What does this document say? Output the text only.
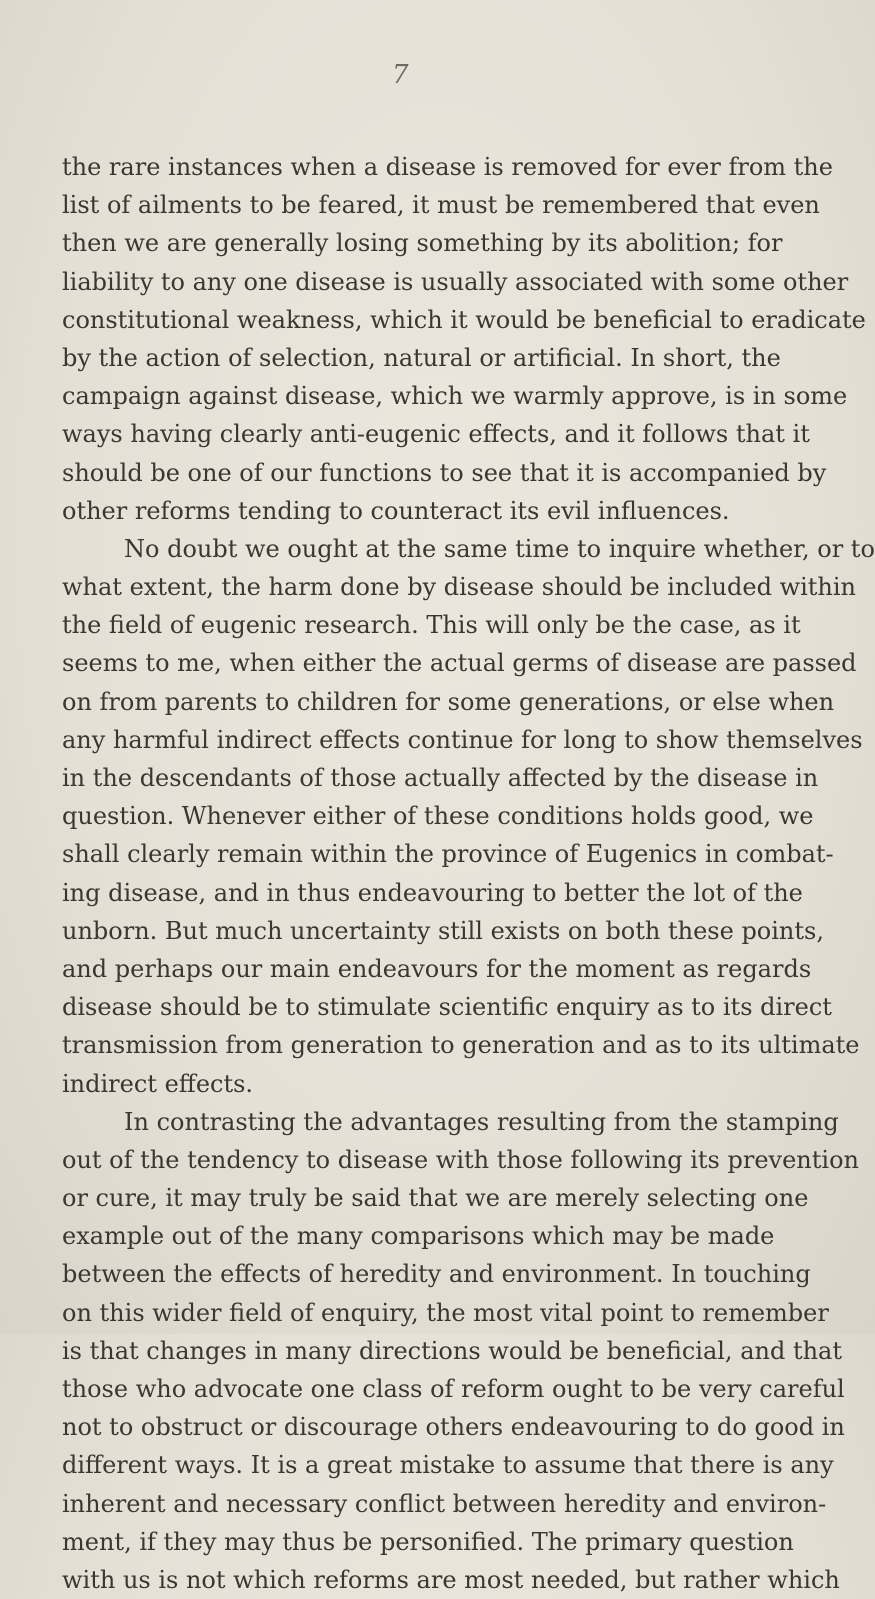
7
the rare instances when a disease is removed for ever from the
list of ailments to be feared, it must be remembered that even
then we are generally losing something by its abolition; for
liability to any one disease is usually associated with some other
constitutional weakness, which it would be beneficial to eradicate
by the action of selection, natural or artificial. In short, the
campaign against disease, which we warmly approve, is in some
ways having clearly anti-eugenic effects, and it follows that it
should be one of our functions to see that it is accompanied by
other reforms tending to counteract its evil influences.
No doubt we ought at the same time to inquire whether, or to
what extent, the harm done by disease should be included within
the field of eugenic research. This will only be the case, as it
seems to me, when either the actual germs of disease are passed
on from parents to children for some generations, or else when
any harmful indirect effects continue for long to show themselves
in the descendants of those actually affected by the disease in
question. Whenever either of these conditions holds good, we
shall clearly remain within the province of Eugenics in combat-
ing disease, and in thus endeavouring to better the lot of the
unborn. But much uncertainty still exists on both these points,
and perhaps our main endeavours for the moment as regards
disease should be to stimulate scientific enquiry as to its direct
transmission from generation to generation and as to its ultimate
indirect effects.
In contrasting the advantages resulting from the stamping
out of the tendency to disease with those following its prevention
or cure, it may truly be said that we are merely selecting one
example out of the many comparisons which may be made
between the effects of heredity and environment. In touching
on this wider field of enquiry, the most vital point to remember
is that changes in many directions would be beneficial, and that
those who advocate one class of reform ought to be very careful
not to obstruct or discourage others endeavouring to do good in
different ways. It is a great mistake to assume that there is any
inherent and necessary conflict between heredity and environ-
ment, if they may thus be personified. The primary question
with us is not which reforms are most needed, but rather which
